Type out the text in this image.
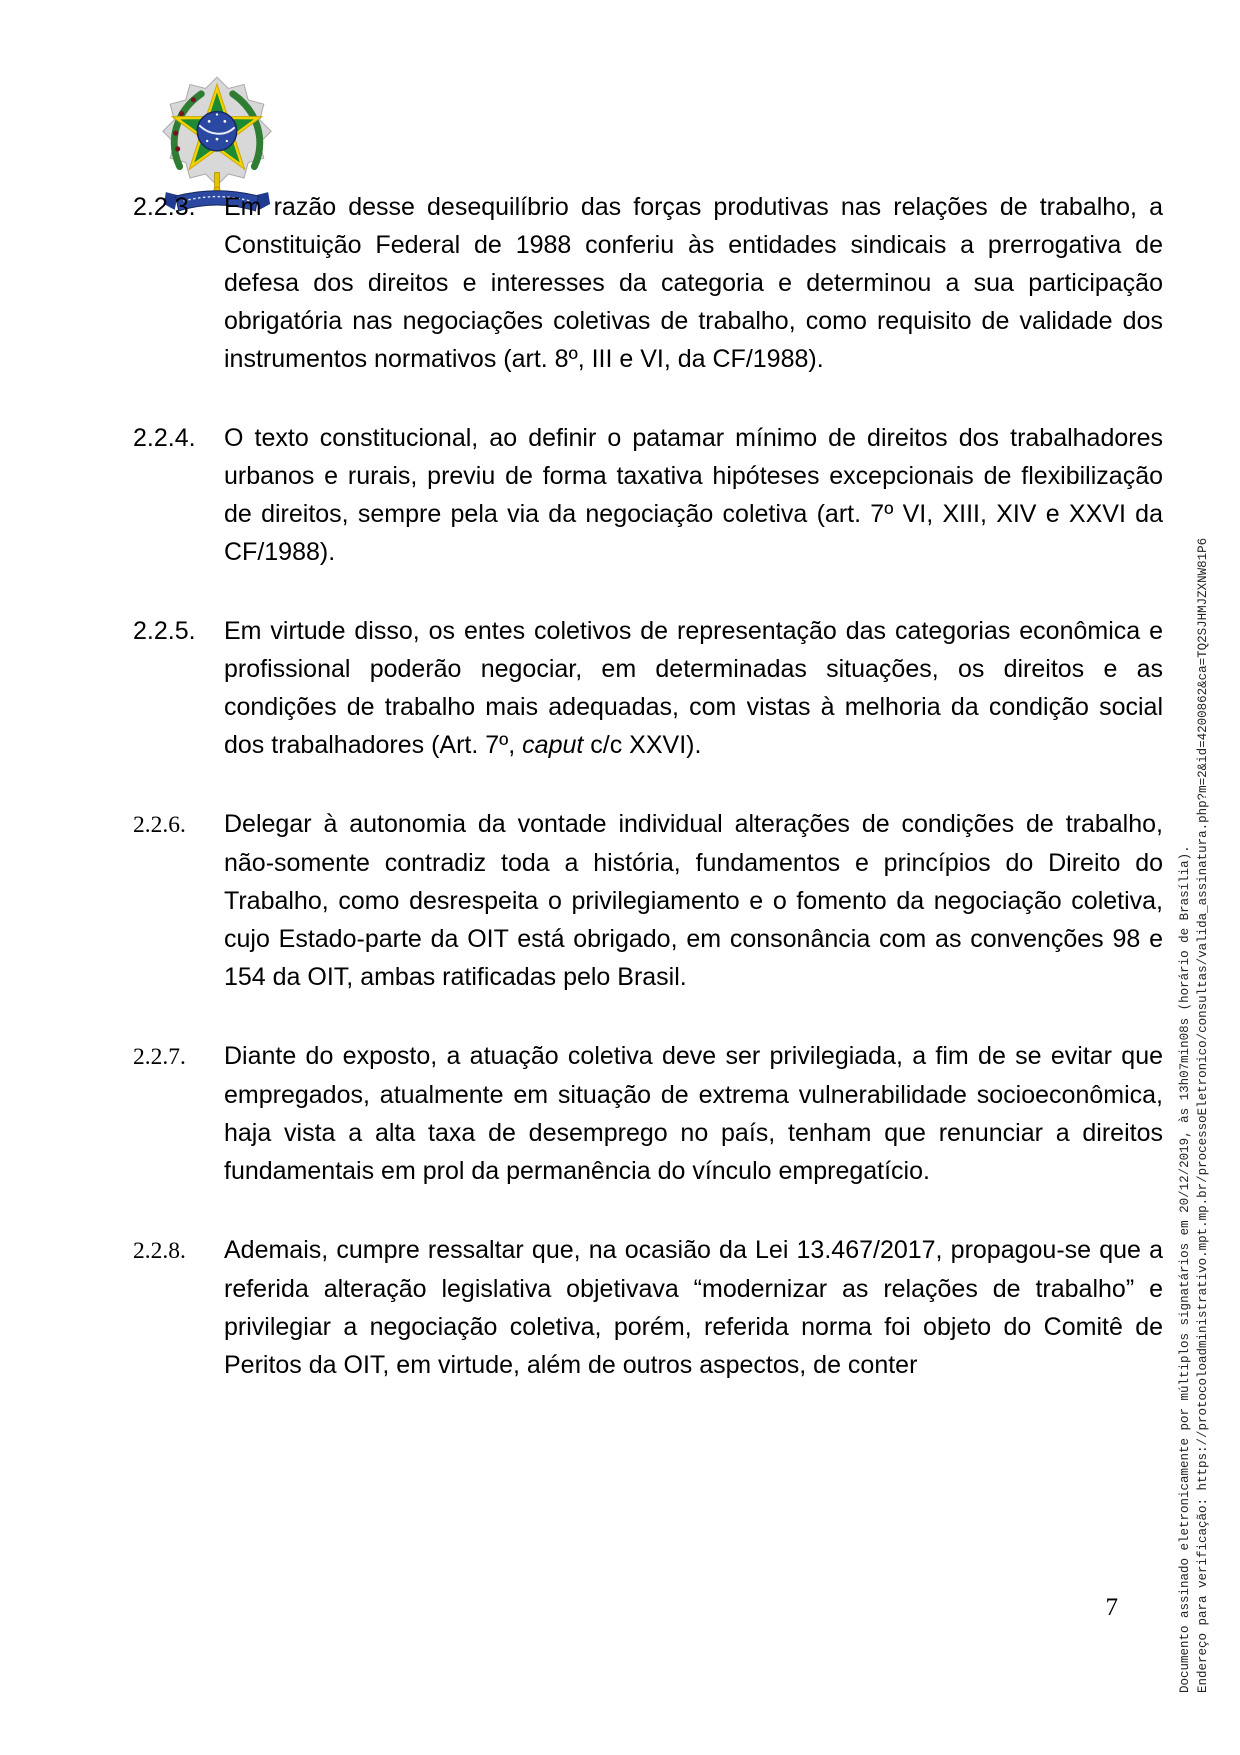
2.2.3. Em razão desse desequilíbrio das forças produtivas nas relações de trabalho, a Constituição Federal de 1988 conferiu às entidades sindicais a prerrogativa de defesa dos direitos e interesses da categoria e determinou a sua participação obrigatória nas negociações coletivas de trabalho, como requisito de validade dos instrumentos normativos (art. 8º, III e VI, da CF/1988).

2.2.4. O texto constitucional, ao definir o patamar mínimo de direitos dos trabalhadores urbanos e rurais, previu de forma taxativa hipóteses excepcionais de flexibilização de direitos, sempre pela via da negociação coletiva (art. 7º VI, XIII, XIV e XXVI da CF/1988).

2.2.5. Em virtude disso, os entes coletivos de representação das categorias econômica e profissional poderão negociar, em determinadas situações, os direitos e as condições de trabalho mais adequadas, com vistas à melhoria da condição social dos trabalhadores (Art. 7º, caput c/c XXVI).

2.2.6. Delegar à autonomia da vontade individual alterações de condições de trabalho, não-somente contradiz toda a história, fundamentos e princípios do Direito do Trabalho, como desrespeita o privilegiamento e o fomento da negociação coletiva, cujo Estado-parte da OIT está obrigado, em consonância com as convenções 98 e 154 da OIT, ambas ratificadas pelo Brasil.

2.2.7. Diante do exposto, a atuação coletiva deve ser privilegiada, a fim de se evitar que empregados, atualmente em situação de extrema vulnerabilidade socioeconômica, haja vista a alta taxa de desemprego no país, tenham que renunciar a direitos fundamentais em prol da permanência do vínculo empregatício.

2.2.8. Ademais, cumpre ressaltar que, na ocasião da Lei 13.467/2017, propagou-se que a referida alteração legislativa objetivava “modernizar as relações de trabalho” e privilegiar a negociação coletiva, porém, referida norma foi objeto do Comitê de Peritos da OIT, em virtude, além de outros aspectos, de conter

7	Documento assinado eletronicamente por múltiplos signatários em 20/12/2019, às 13h07min08s (horário de Brasília). Endereço para verificação: https://protocoloadministrativo.mpt.mp.br/processoEletronico/consultas/valida_assinatura.php?m=2&id=4200862&ca=TQ2SJHMJZXNW81P6
